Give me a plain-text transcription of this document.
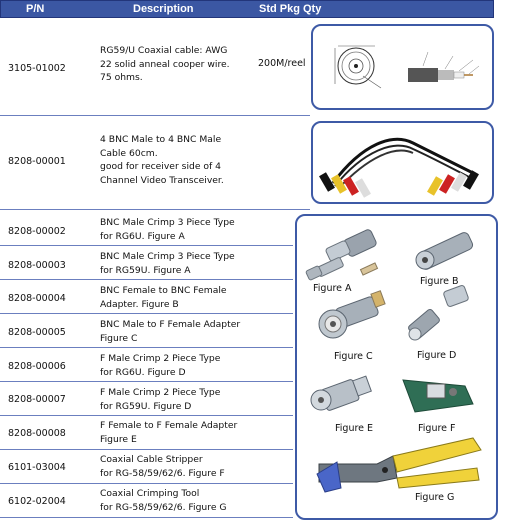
P/N	Description	Std Pkg Qty
3105-01002
RG59/U Coaxial cable: AWG
22 solid anneal cooper wire.
75 ohms.
200M/reel
8208-00001
4 BNC Male to 4 BNC Male
Cable 60cm.
good for receiver side of 4
Channel Video Transceiver.
8208-00002
BNC Male Crimp 3 Piece Type
for RG6U. Figure A
8208-00003
BNC Male Crimp 3 Piece Type
for RG59U. Figure A
8208-00004
BNC Female to BNC Female
Adapter. Figure B
8208-00005
BNC Male to F Female Adapter
Figure C
8208-00006
F Male Crimp 2 Piece Type
for RG6U. Figure D
8208-00007
F Male Crimp 2 Piece Type
for RG59U. Figure D
8208-00008
F Female to F Female Adapter
Figure E
6101-03004
Coaxial Cable Stripper
for RG-58/59/62/6. Figure F
6102-02004
Coaxial Crimping Tool
for RG-58/59/62/6. Figure G
Figure A
Figure B
Figure C	Figure D
Figure E	Figure F
Figure G
